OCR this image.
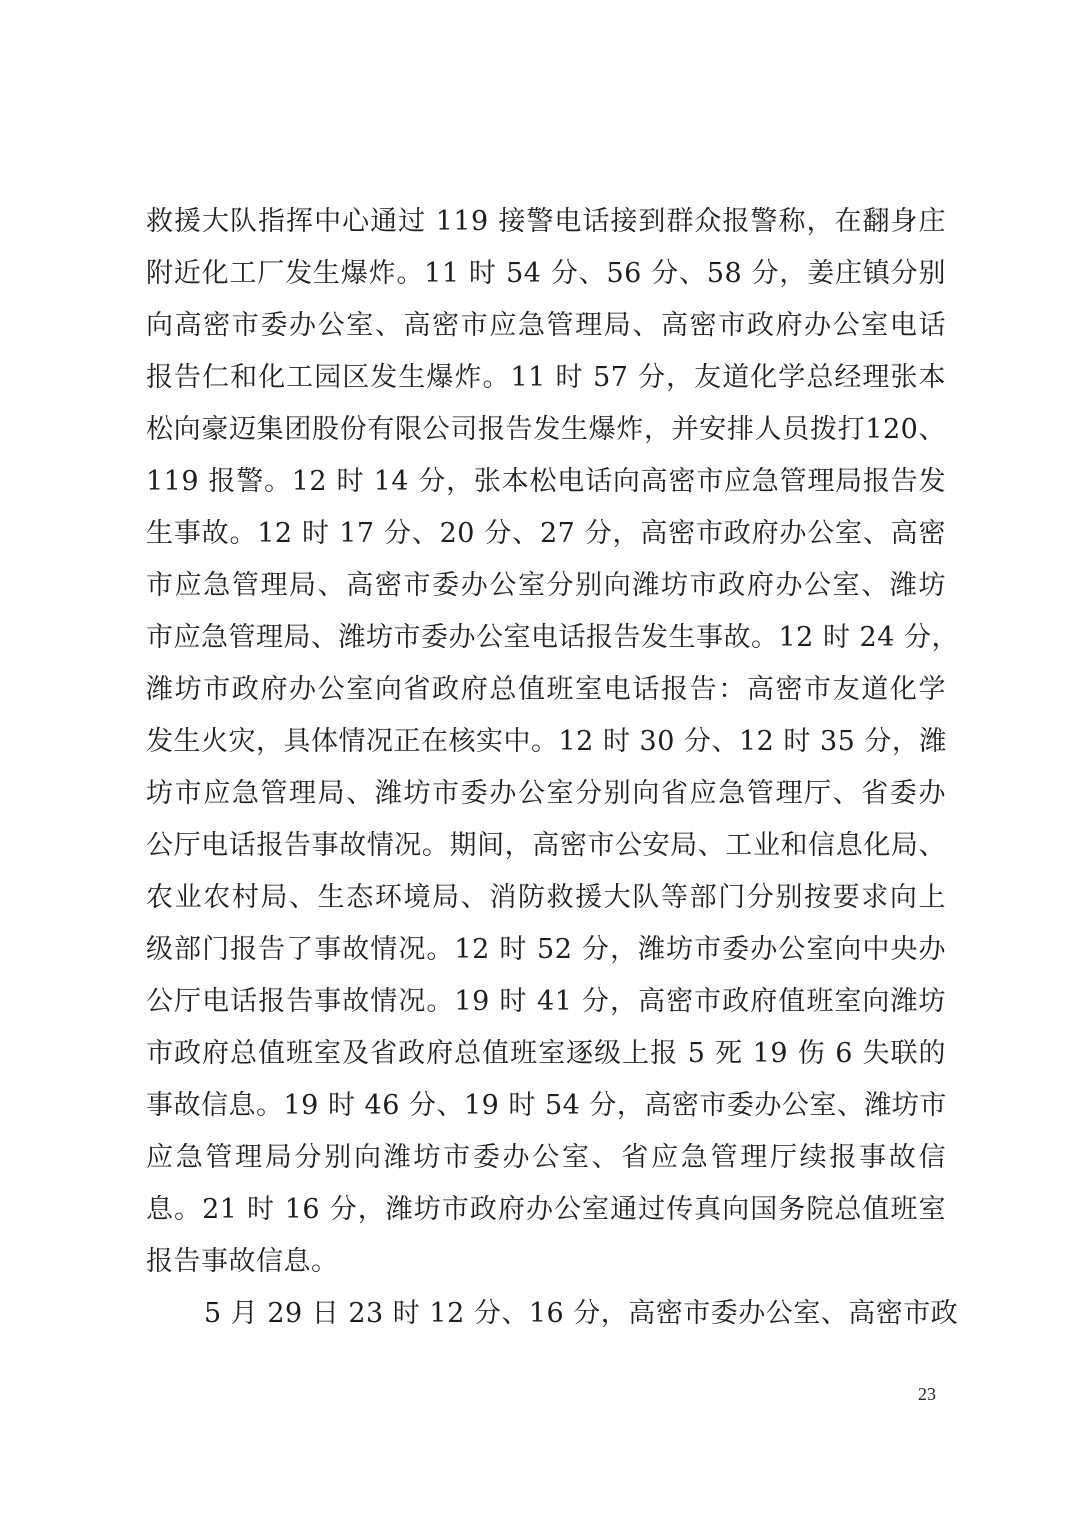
救援大队指挥中心通过 119 接警电话接到群众报警称，在翻身庄
附近化工厂发生爆炸。11 时 54 分、56 分、58 分，姜庄镇分别
向高密市委办公室、高密市应急管理局、高密市政府办公室电话
报告仁和化工园区发生爆炸。11 时 57 分，友道化学总经理张本
松向豪迈集团股份有限公司报告发生爆炸，并安排人员拨打120、
119 报警。12 时 14 分，张本松电话向高密市应急管理局报告发
生事故。12 时 17 分、20 分、27 分，高密市政府办公室、高密
市应急管理局、高密市委办公室分别向潍坊市政府办公室、潍坊
市应急管理局、潍坊市委办公室电话报告发生事故。12 时 24 分，
潍坊市政府办公室向省政府总值班室电话报告：高密市友道化学
发生火灾，具体情况正在核实中。12 时 30 分、12 时 35 分，潍
坊市应急管理局、潍坊市委办公室分别向省应急管理厅、省委办
公厅电话报告事故情况。期间，高密市公安局、工业和信息化局、
农业农村局、生态环境局、消防救援大队等部门分别按要求向上
级部门报告了事故情况。12 时 52 分，潍坊市委办公室向中央办
公厅电话报告事故情况。19 时 41 分，高密市政府值班室向潍坊
市政府总值班室及省政府总值班室逐级上报 5 死 19 伤 6 失联的
事故信息。19 时 46 分、19 时 54 分，高密市委办公室、潍坊市
应急管理局分别向潍坊市委办公室、省应急管理厅续报事故信
息。21 时 16 分，潍坊市政府办公室通过传真向国务院总值班室
报告事故信息。
5 月 29 日 23 时 12 分、16 分，高密市委办公室、高密市政
23
